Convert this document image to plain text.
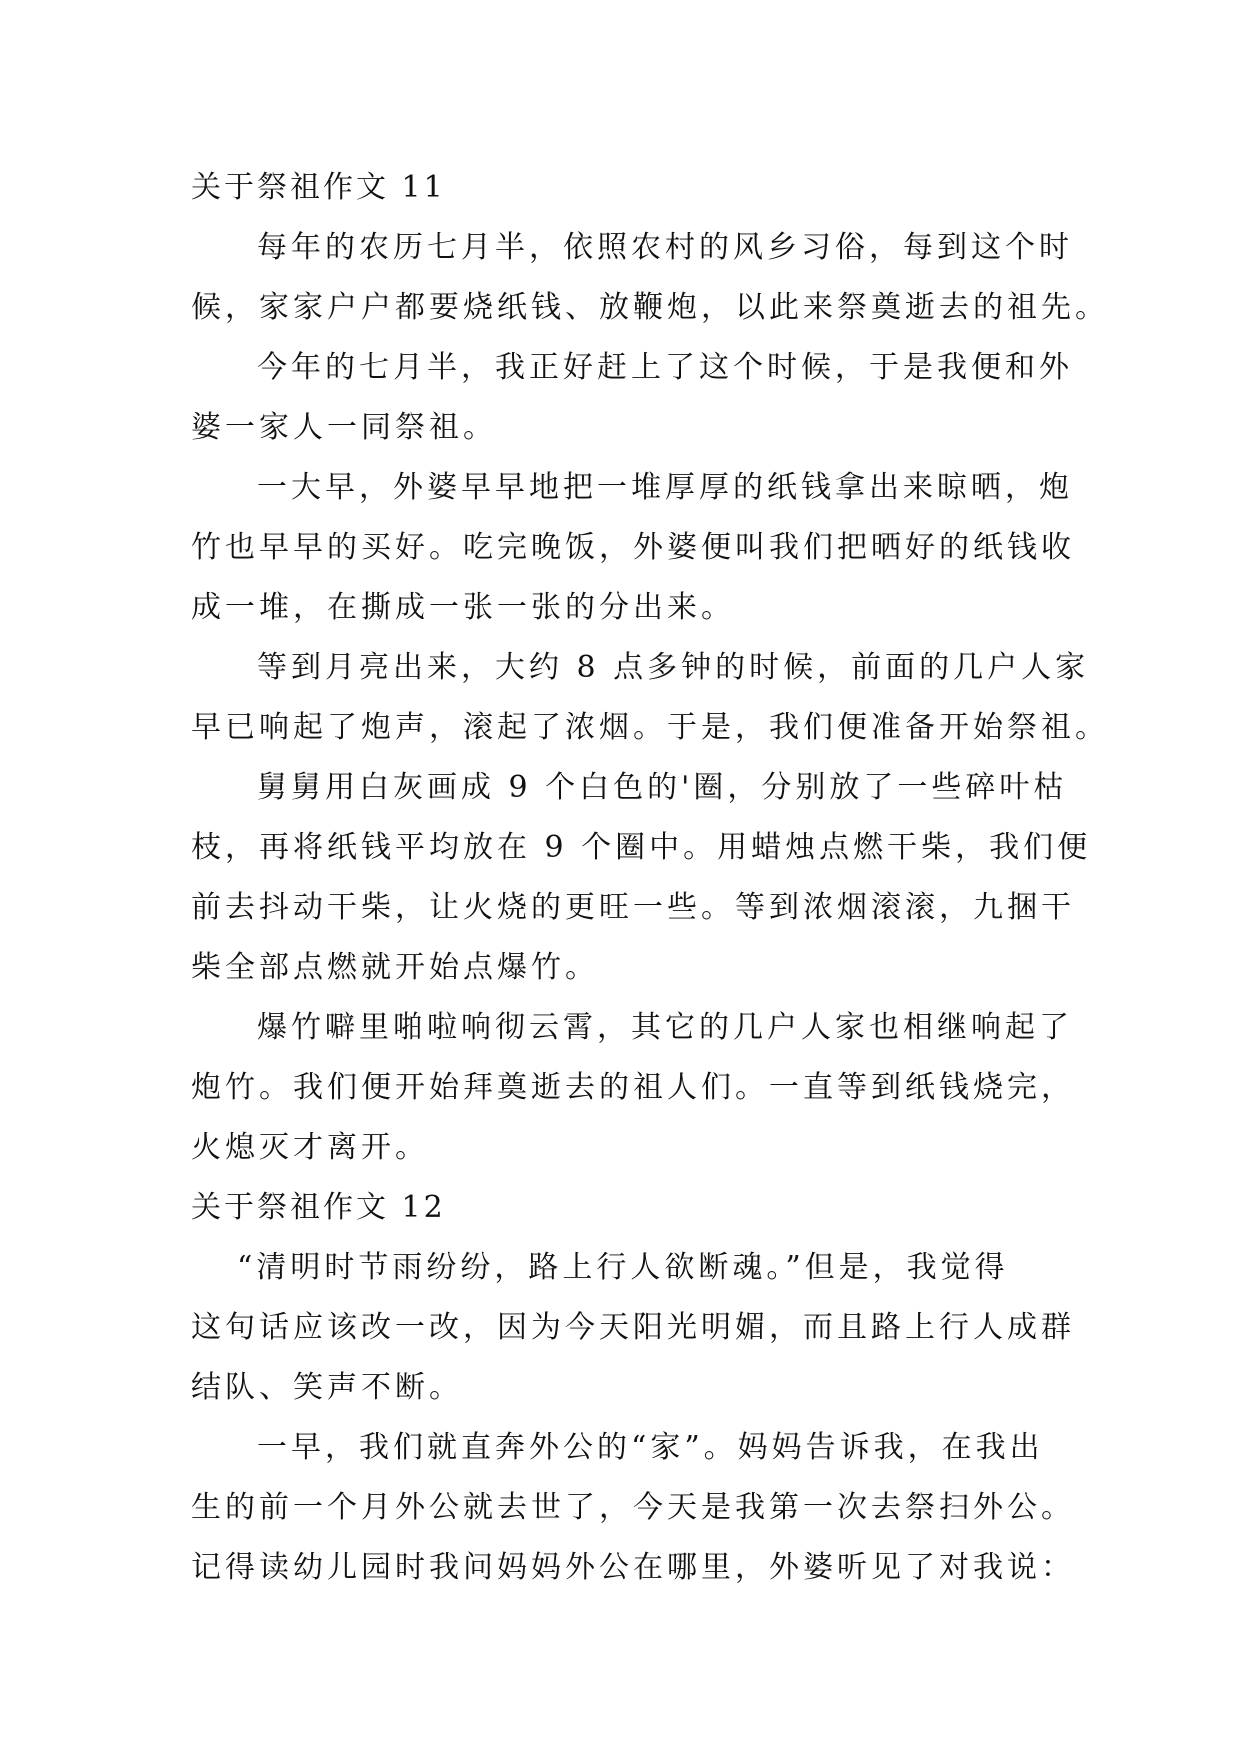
关于祭祖作文 11
每年的农历七月半，依照农村的风乡习俗，每到这个时
候，家家户户都要烧纸钱、放鞭炮，以此来祭奠逝去的祖先。
今年的七月半，我正好赶上了这个时候，于是我便和外
婆一家人一同祭祖。
一大早，外婆早早地把一堆厚厚的纸钱拿出来晾晒，炮
竹也早早的买好。吃完晚饭，外婆便叫我们把晒好的纸钱收
成一堆，在撕成一张一张的分出来。
等到月亮出来，大约 8 点多钟的时候，前面的几户人家
早已响起了炮声，滚起了浓烟。于是，我们便准备开始祭祖。
舅舅用白灰画成 9 个白色的'圈，分别放了一些碎叶枯
枝，再将纸钱平均放在 9 个圈中。用蜡烛点燃干柴，我们便
前去抖动干柴，让火烧的更旺一些。等到浓烟滚滚，九捆干
柴全部点燃就开始点爆竹。
爆竹噼里啪啦响彻云霄，其它的几户人家也相继响起了
炮竹。我们便开始拜奠逝去的祖人们。一直等到纸钱烧完，
火熄灭才离开。
关于祭祖作文 12
“清明时节雨纷纷，路上行人欲断魂。”但是，我觉得
这句话应该改一改，因为今天阳光明媚，而且路上行人成群
结队、笑声不断。
一早，我们就直奔外公的“家”。妈妈告诉我，在我出
生的前一个月外公就去世了，今天是我第一次去祭扫外公。
记得读幼儿园时我问妈妈外公在哪里，外婆听见了对我说：
